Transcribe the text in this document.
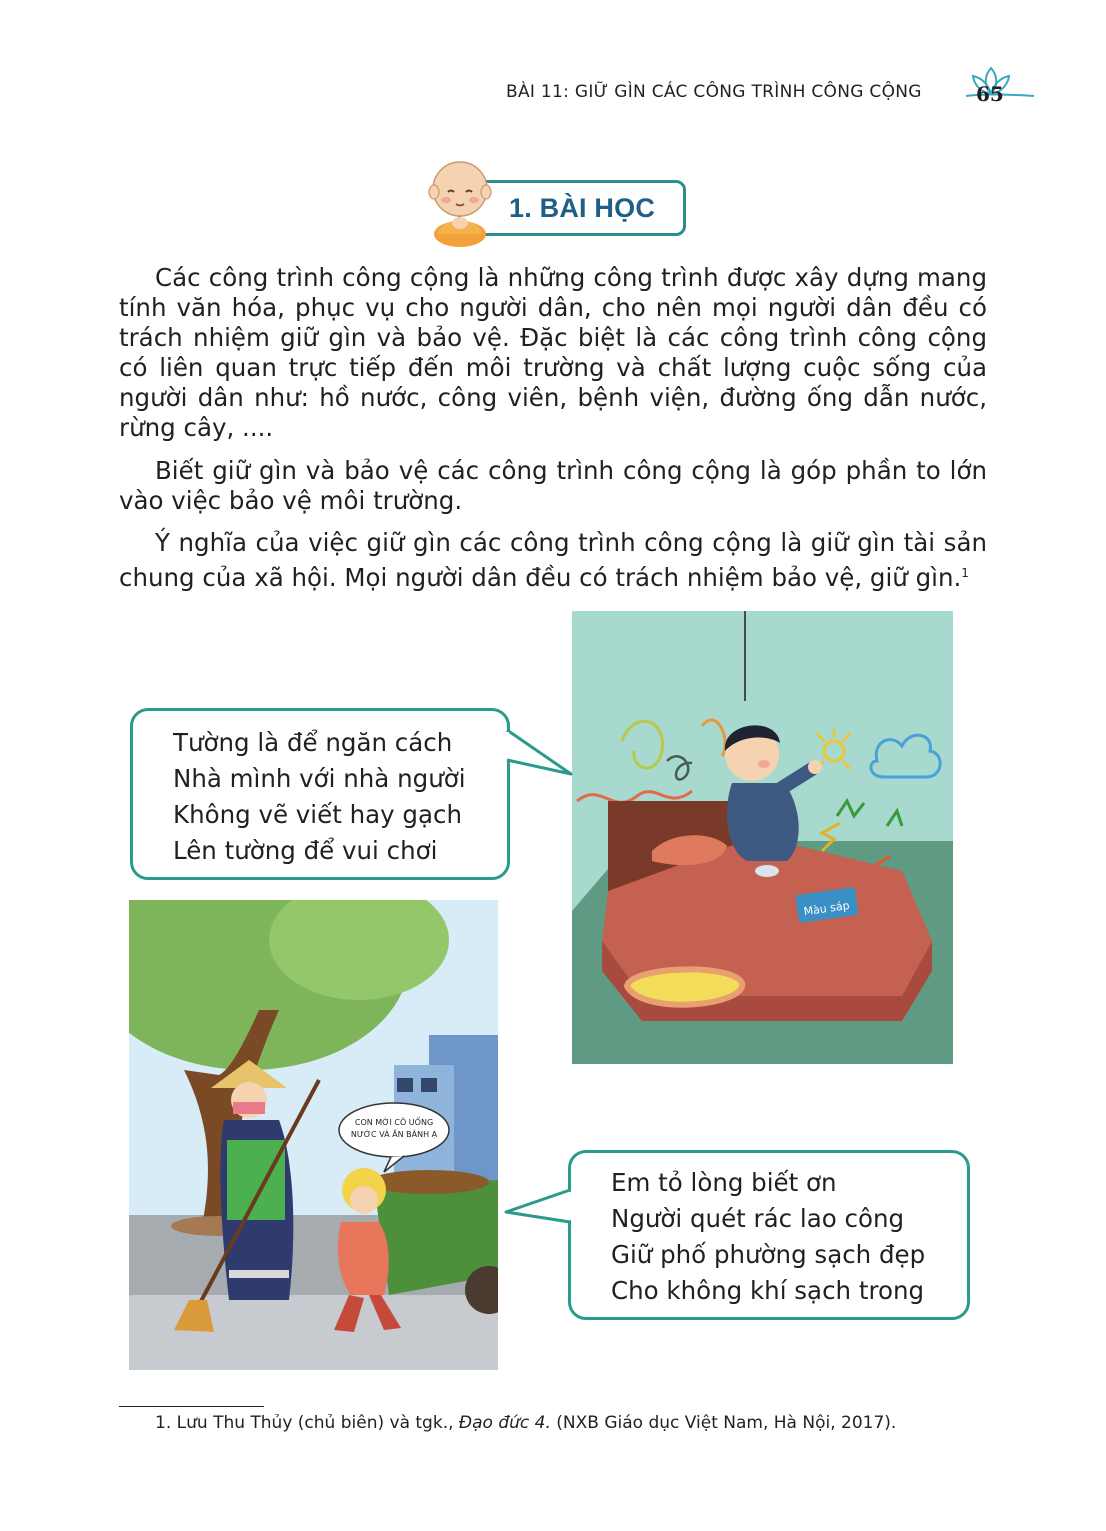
BÀI 11: GIỮ GÌN CÁC CÔNG TRÌNH CÔNG CỘNG	65
1. BÀI HỌC

Các công trình công cộng là những công trình được xây dựng mang tính văn hóa, phục vụ cho người dân, cho nên mọi người dân đều có trách nhiệm giữ gìn và bảo vệ. Đặc biệt là các công trình công cộng có liên quan trực tiếp đến môi trường và chất lượng cuộc sống của người dân như: hồ nước, công viên, bệnh viện, đường ống dẫn nước, rừng cây, ....

Biết giữ gìn và bảo vệ các công trình công cộng là góp phần to lớn vào việc bảo vệ môi trường.

Ý nghĩa của việc giữ gìn các công trình công cộng là giữ gìn tài sản chung của xã hội. Mọi người dân đều có trách nhiệm bảo vệ, giữ gìn.$^1$

Màu sáp
Tường là để ngăn cách
Nhà mình với nhà người
Không vẽ viết hay gạch
Lên tường để vui chơi
CON MỜI CÔ UỐNG
NƯỚC VÀ ĂN BÁNH Ạ
Em tỏ lòng biết ơn
Người quét rác lao công
Giữ phố phường sạch đẹp
Cho không khí sạch trong
1. Lưu Thu Thủy (chủ biên) và tgk., Đạo đức 4. (NXB Giáo dục Việt Nam, Hà Nội, 2017).
